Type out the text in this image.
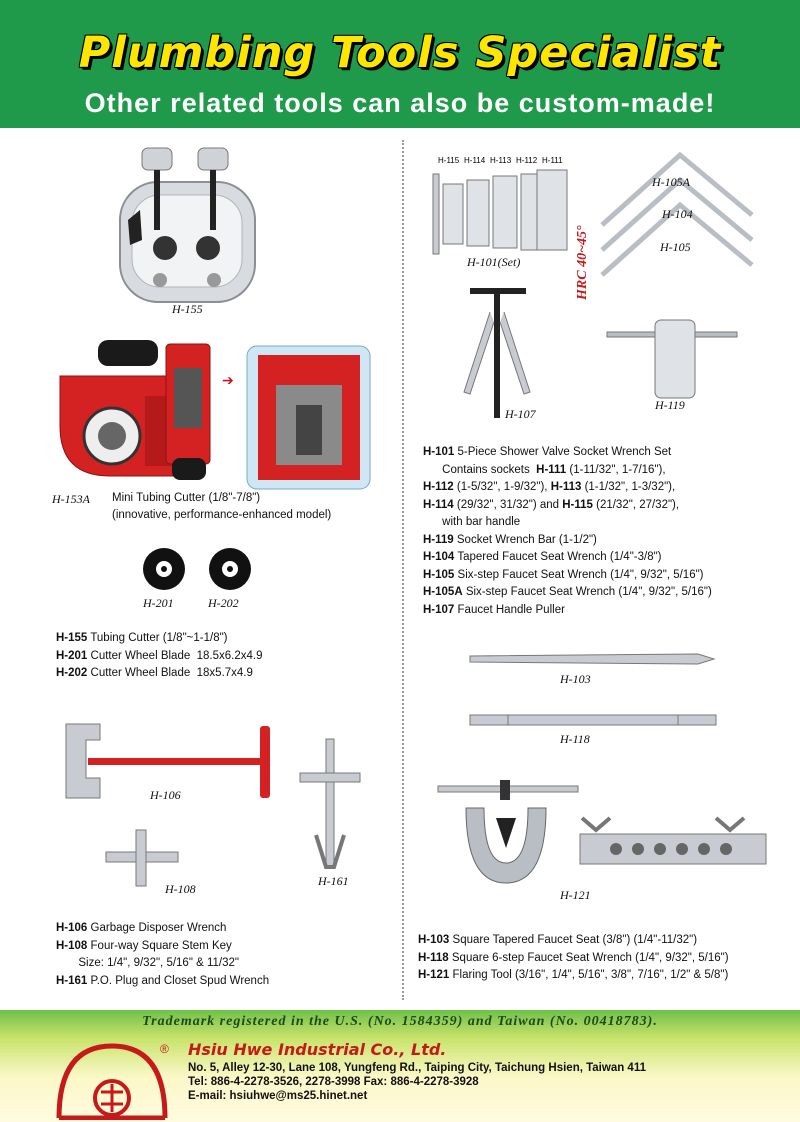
Plumbing Tools Specialist
Other related tools can also be custom-made!
H-155
➔
H-153A Mini Tubing Cutter (1/8"-7/8")
(innovative, performance-enhanced model)
H-201	H-202
H-155 Tubing Cutter (1/8"~1-1/8")
H-201 Cutter Wheel Blade  18.5x6.2x4.9
H-202 Cutter Wheel Blade  18x5.7x4.9
H-106
H-108
H-161
H-106 Garbage Disposer Wrench
H-108 Four-way Square Stem Key
Size: 1/4", 9/32", 5/16" & 11/32"
H-161 P.O. Plug and Closet Spud Wrench
H-115 H-114 H-113 H-112 H-111
H-101(Set)
H-105A
H-104
H-105
HRC 40~45°
H-107
H-119
H-101 5-Piece Shower Valve Socket Wrench Set
Contains sockets  H-111 (1-11/32", 1-7/16"),
H-112 (1-5/32", 1-9/32"), H-113 (1-1/32", 1-3/32"),
H-114 (29/32", 31/32") and H-115 (21/32", 27/32"),
with bar handle
H-119 Socket Wrench Bar (1-1/2")
H-104 Tapered Faucet Seat Wrench (1/4"-3/8")
H-105 Six-step Faucet Seat Wrench (1/4", 9/32", 5/16")
H-105A Six-step Faucet Seat Wrench (1/4", 9/32", 5/16")
H-107 Faucet Handle Puller
H-103
H-118
H-121
H-103 Square Tapered Faucet Seat (3/8") (1/4"-11/32")
H-118 Square 6-step Faucet Seat Wrench (1/4", 9/32", 5/16")
H-121 Flaring Tool (3/16", 1/4", 5/16", 3/8", 7/16", 1/2" & 5/8")
Trademark registered in the U.S. (No. 1584359) and Taiwan (No. 00418783).
® Hsiu Hwe Industrial Co., Ltd.
No. 5, Alley 12-30, Lane 108, Yungfeng Rd., Taiping City, Taichung Hsien, Taiwan 411
Tel: 886-4-2278-3526, 2278-3998 Fax: 886-4-2278-3928
E-mail: hsiuhwe@ms25.hinet.net
